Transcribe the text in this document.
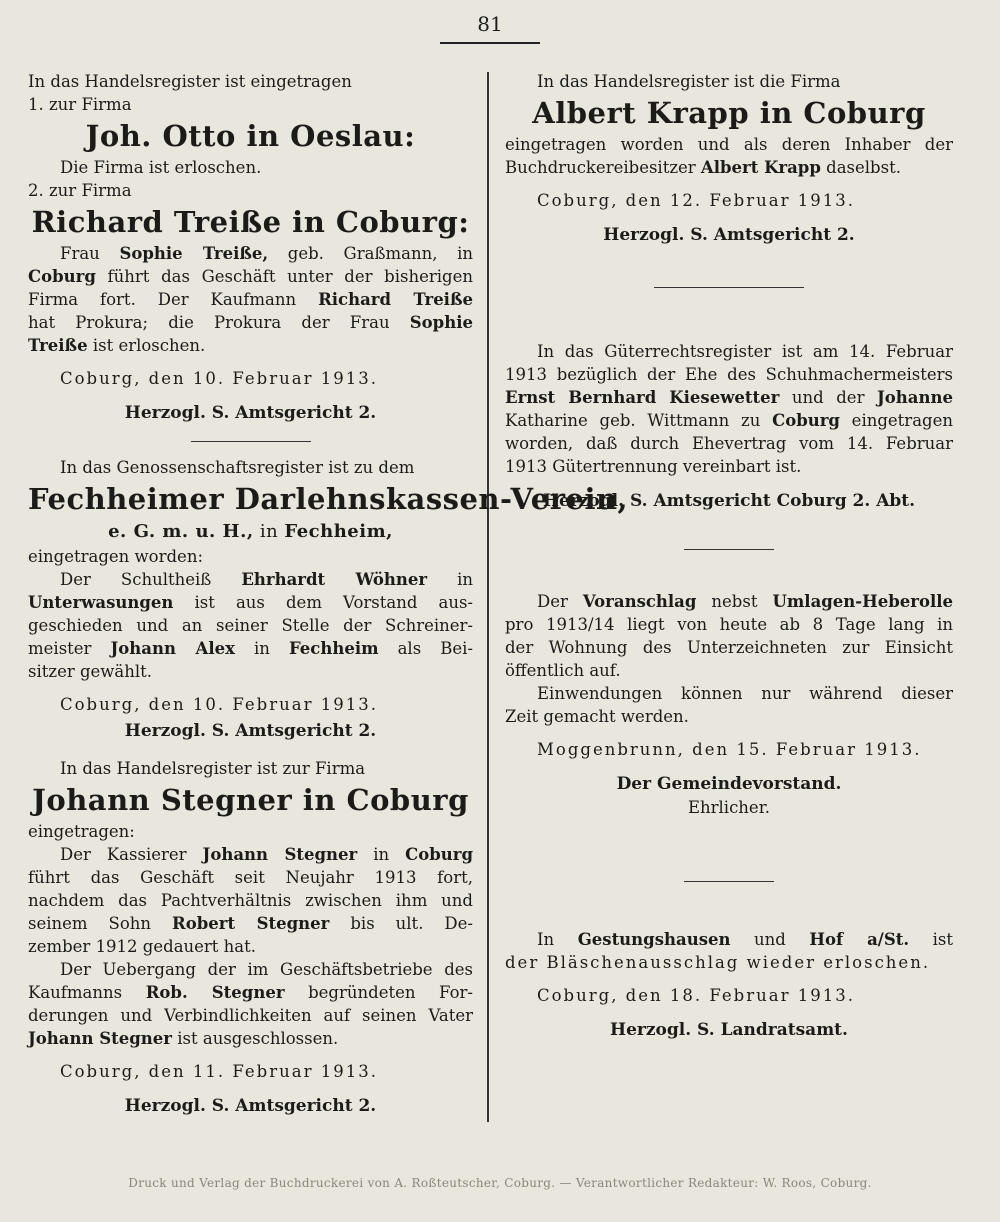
81
In das Handelsregister ist eingetragen
1. zur Firma
Joh. Otto in Oeslau:
Die Firma ist erloschen.
2. zur Firma
Richard Treiße in Coburg:
Frau Sophie Treiße, geb. Graßmann, in
Coburg führt das Geschäft unter der bisherigen
Firma fort. Der Kaufmann Richard Treiße
hat Prokura; die Prokura der Frau Sophie
Treiße ist erloschen.
Coburg, den 10. Februar 1913.
Herzogl. S. Amtsgericht 2.
In das Genossenschaftsregister ist zu dem
Fechheimer Darlehnskassen-Verein,
e. G. m. u. H., in Fechheim,
eingetragen worden:
Der Schultheiß Ehrhardt Wöhner in
Unterwasungen ist aus dem Vorstand aus-
geschieden und an seiner Stelle der Schreiner-
meister Johann Alex in Fechheim als Bei-
sitzer gewählt.
Coburg, den 10. Februar 1913.
Herzogl. S. Amtsgericht 2.
In das Handelsregister ist zur Firma
Johann Stegner in Coburg
eingetragen:
Der Kassierer Johann Stegner in Coburg
führt das Geschäft seit Neujahr 1913 fort,
nachdem das Pachtverhältnis zwischen ihm und
seinem Sohn Robert Stegner bis ult. De-
zember 1912 gedauert hat.
Der Uebergang der im Geschäftsbetriebe des
Kaufmanns Rob. Stegner begründeten For-
derungen und Verbindlichkeiten auf seinen Vater
Johann Stegner ist ausgeschlossen.
Coburg, den 11. Februar 1913.
Herzogl. S. Amtsgericht 2.
In das Handelsregister ist die Firma
Albert Krapp in Coburg
eingetragen worden und als deren Inhaber der
Buchdruckereibesitzer Albert Krapp daselbst.
Coburg, den 12. Februar 1913.
Herzogl. S. Amtsgericht 2.
In das Güterrechtsregister ist am 14. Februar
1913 bezüglich der Ehe des Schuhmachermeisters
Ernst Bernhard Kiesewetter und der Johanne
Katharine geb. Wittmann zu Coburg eingetragen
worden, daß durch Ehevertrag vom 14. Februar
1913 Gütertrennung vereinbart ist.
Herzogl. S. Amtsgericht Coburg 2. Abt.
Der Voranschlag nebst Umlagen-Heberolle
pro 1913/14 liegt von heute ab 8 Tage lang in
der Wohnung des Unterzeichneten zur Einsicht
öffentlich auf.
Einwendungen können nur während dieser
Zeit gemacht werden.
Moggenbrunn, den 15. Februar 1913.
Der Gemeindevorstand.
Ehrlicher.
In Gestungshausen und Hof a/St. ist
der Bläschenausschlag wieder erloschen.
Coburg, den 18. Februar 1913.
Herzogl. S. Landratsamt.
Druck und Verlag der Buchdruckerei von A. Roßteutscher, Coburg. — Verantwortlicher Redakteur: W. Roos, Coburg.
